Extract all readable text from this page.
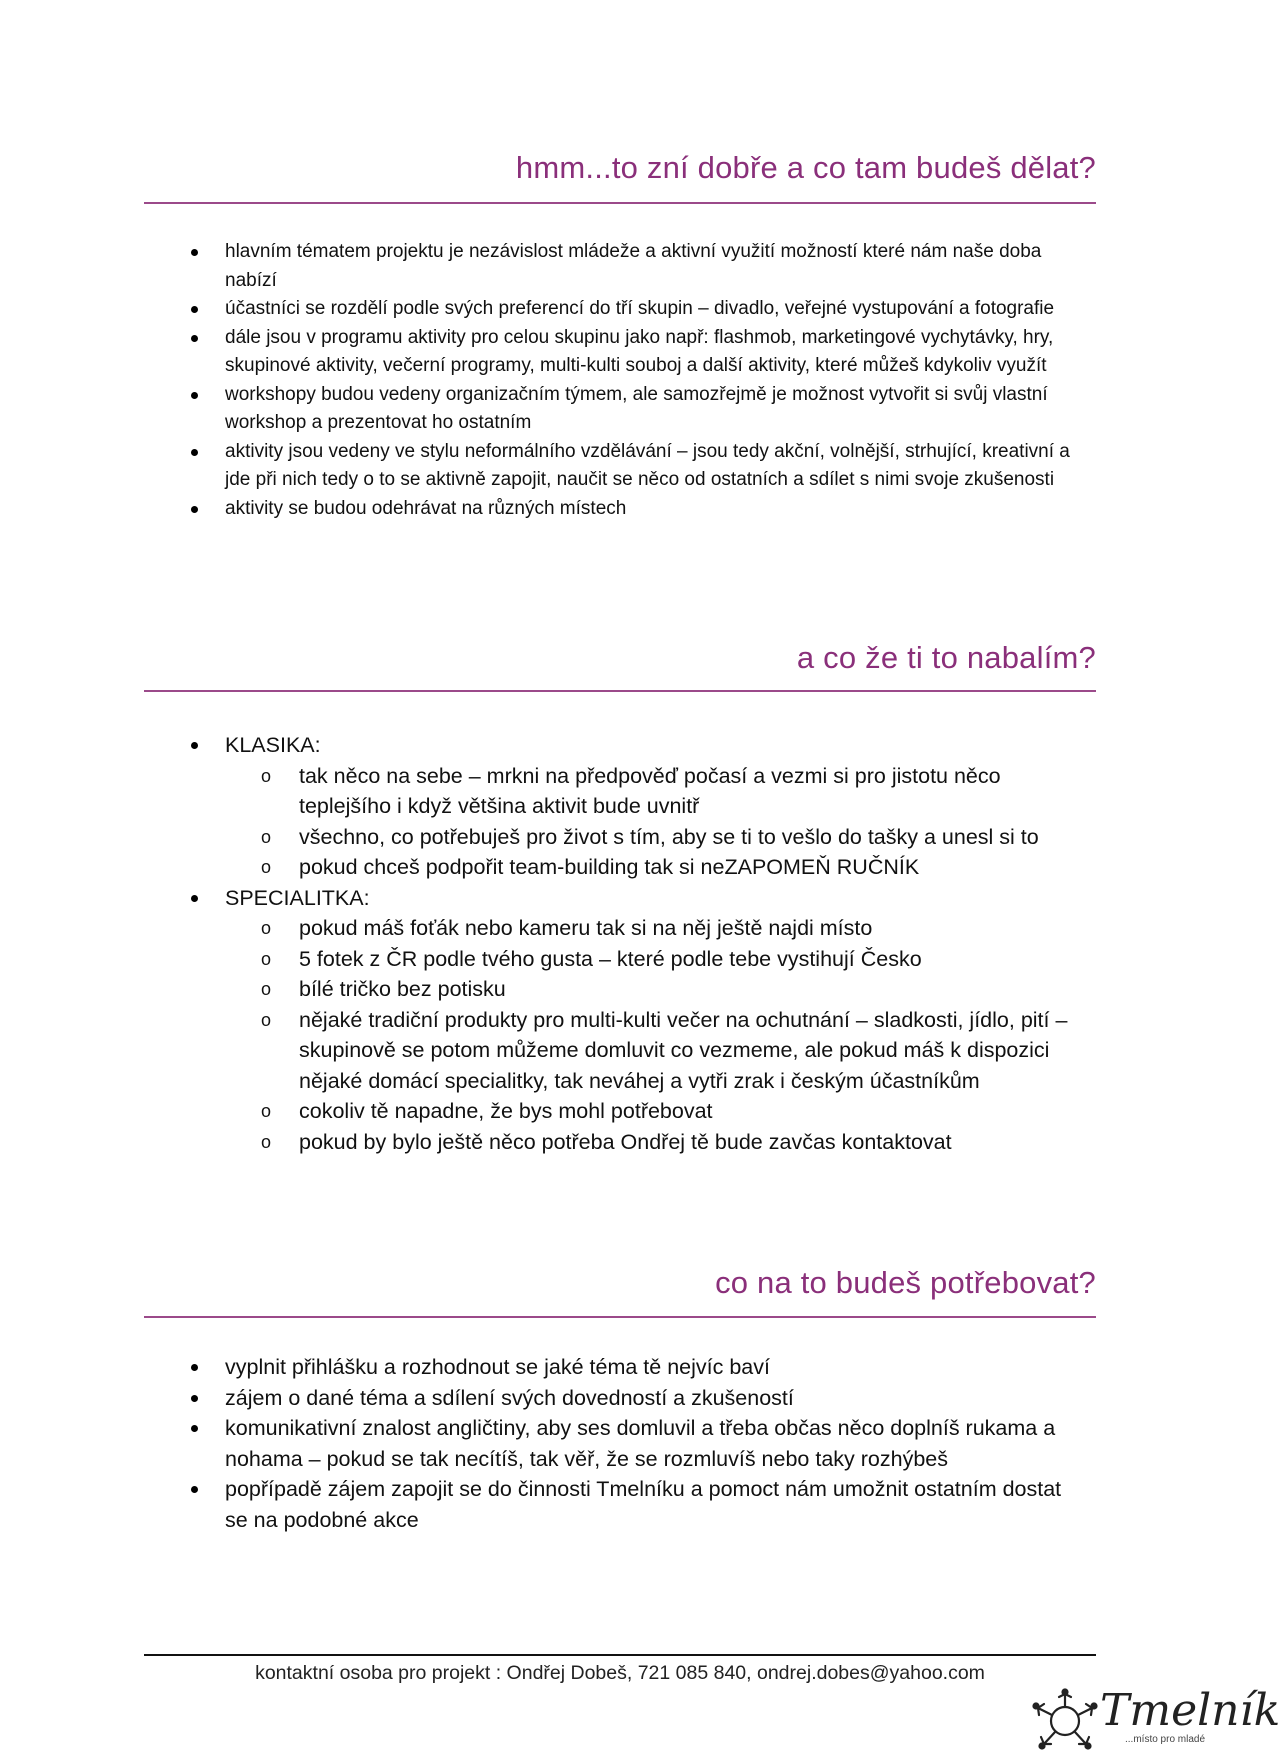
hmm...to zní dobře a co tam budeš dělat?
hlavním tématem projektu je nezávislost mládeže a aktivní využití možností které nám naše doba nabízí
účastníci se rozdělí podle svých preferencí do tří skupin – divadlo, veřejné vystupování a fotografie
dále jsou v programu aktivity pro celou skupinu jako např: flashmob, marketingové vychytávky, hry, skupinové aktivity, večerní programy, multi-kulti souboj a další aktivity, které můžeš kdykoliv využít
workshopy budou vedeny organizačním týmem, ale samozřejmě je možnost vytvořit si svůj vlastní workshop a prezentovat ho ostatním
aktivity jsou vedeny ve stylu neformálního vzdělávání – jsou tedy akční, volnější, strhující, kreativní a jde při nich tedy o to se aktivně zapojit, naučit se něco od ostatních a sdílet s nimi svoje zkušenosti
aktivity se budou odehrávat na různých místech
a co že ti to nabalím?
KLASIKA:
o tak něco na sebe – mrkni na předpověď počasí a vezmi si pro jistotu něco teplejšího i když většina aktivit bude uvnitř
o všechno, co potřebuješ pro život s tím, aby se ti to vešlo do tašky a unesl si to
o pokud chceš podpořit team-building tak si neZAPOMEŇ RUČNÍK
SPECIALITKA:
o pokud máš foťák nebo kameru tak si na něj ještě najdi místo
o 5 fotek z ČR podle tvého gusta – které podle tebe vystihují Česko
o bílé tričko bez potisku
o nějaké tradiční produkty pro multi-kulti večer na ochutnání – sladkosti, jídlo, pití – skupinově se potom můžeme domluvit co vezmeme, ale pokud máš k dispozici nějaké domácí specialitky, tak neváhej a vytři zrak i českým účastníkům
o cokoliv tě napadne, že bys mohl potřebovat
o pokud by bylo ještě něco potřeba Ondřej tě bude zavčas kontaktovat
co na to budeš potřebovat?
vyplnit přihlášku a rozhodnout se jaké téma tě nejvíc baví
zájem o dané téma a sdílení svých dovedností a zkušeností
komunikativní znalost angličtiny, aby ses domluvil a třeba občas něco doplníš rukama a nohama – pokud se tak necítíš, tak věř, že se rozmluvíš nebo taky rozhýbeš
popřípadě zájem zapojit se do činnosti Tmelníku a pomoct nám umožnit ostatním dostat se na podobné akce
kontaktní osoba pro projekt : Ondřej Dobeš, 721 085 840, ondrej.dobes@yahoo.com
Tmelník
...místo pro mladé
